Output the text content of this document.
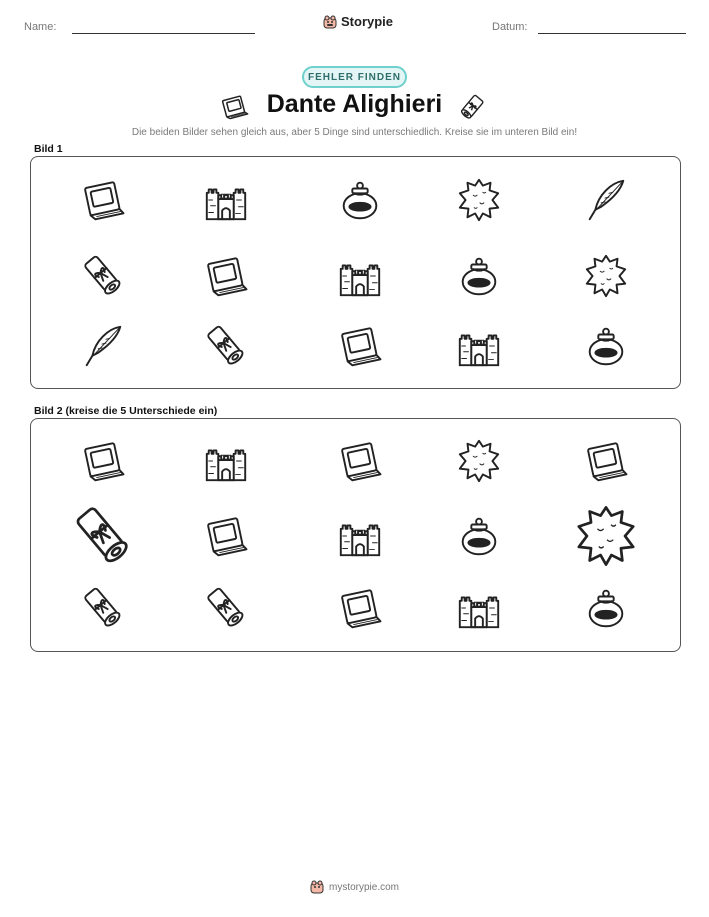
Name:	Storypie	Datum:
FEHLER FINDEN
Dante Alighieri
Die beiden Bilder sehen gleich aus, aber 5 Dinge sind unterschiedlich. Kreise sie im unteren Bild ein!
Bild 1
Bild 2 (kreise die 5 Unterschiede ein)
mystorypie.com
